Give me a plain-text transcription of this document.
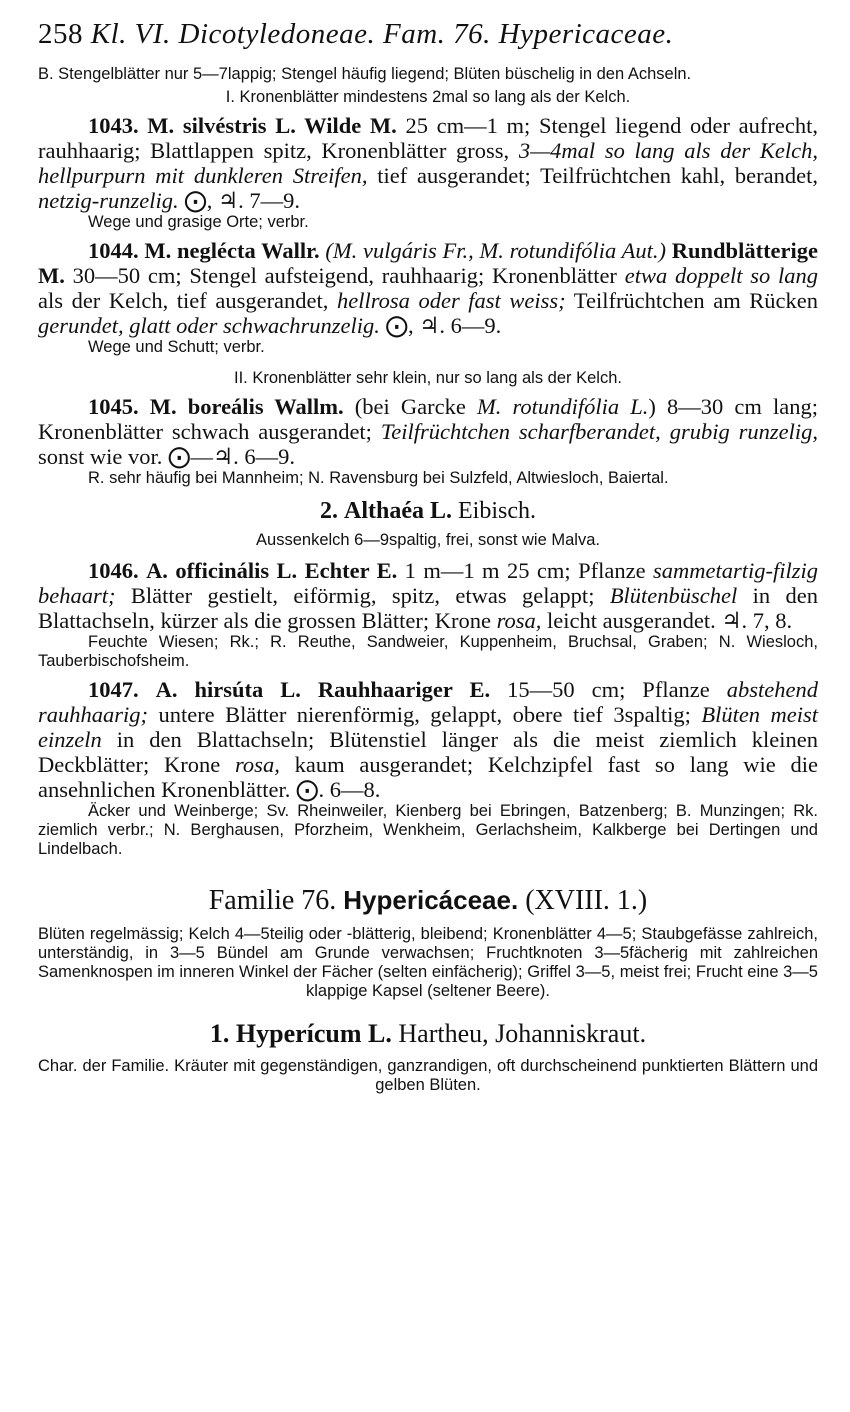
258 Kl. VI. Dicotyledoneae. Fam. 76. Hypericaceae.
B. Stengelblätter nur 5—7lappig; Stengel häufig liegend; Blüten büschelig in den Achseln.
I. Kronenblätter mindestens 2mal so lang als der Kelch.
1043. M. silvéstris L. Wilde M. 25 cm—1 m; Stengel liegend oder aufrecht, rauhhaarig; Blattlappen spitz, Kronenblätter gross, 3—4mal so lang als der Kelch, hellpurpurn mit dunkleren Streifen, tief ausgerandet; Teilfrüchtchen kahl, berandet, netzig-runzelig. ⨀, ♃. 7—9.
Wege und grasige Orte; verbr.
1044. M. neglécta Wallr. (M. vulgáris Fr., M. rotundifólia Aut.) Rundblätterige M. 30—50 cm; Stengel aufsteigend, rauhhaarig; Kronenblätter etwa doppelt so lang als der Kelch, tief ausgerandet, hellrosa oder fast weiss; Teilfrüchtchen am Rücken gerundet, glatt oder schwachrunzelig. ⨀, ♃. 6—9.
Wege und Schutt; verbr.
II. Kronenblätter sehr klein, nur so lang als der Kelch.
1045. M. boreális Wallm. (bei Garcke M. rotundifólia L.) 8—30 cm lang; Kronenblätter schwach ausgerandet; Teilfrüchtchen scharfberandet, grubig runzelig, sonst wie vor. ⨀—♃. 6—9.
R. sehr häufig bei Mannheim; N. Ravensburg bei Sulzfeld, Altwiesloch, Baiertal.
2. Althaéa L. Eibisch.
Aussenkelch 6—9spaltig, frei, sonst wie Malva.
1046. A. officinális L. Echter E. 1 m—1 m 25 cm; Pflanze sammetartig-filzig behaart; Blätter gestielt, eiförmig, spitz, etwas gelappt; Blütenbüschel in den Blattachseln, kürzer als die grossen Blätter; Krone rosa, leicht ausgerandet. ♃. 7, 8.
Feuchte Wiesen; Rk.; R. Reuthe, Sandweier, Kuppenheim, Bruchsal, Graben; N. Wiesloch, Tauberbischofsheim.
1047. A. hirsúta L. Rauhhaariger E. 15—50 cm; Pflanze abstehend rauhhaarig; untere Blätter nierenförmig, gelappt, obere tief 3spaltig; Blüten meist einzeln in den Blattachseln; Blütenstiel länger als die meist ziemlich kleinen Deckblätter; Krone rosa, kaum ausgerandet; Kelchzipfel fast so lang wie die ansehnlichen Kronenblätter. ⨀. 6—8.
Äcker und Weinberge; Sv. Rheinweiler, Kienberg bei Ebringen, Batzenberg; B. Munzingen; Rk. ziemlich verbr.; N. Berghausen, Pforzheim, Wenkheim, Gerlachsheim, Kalkberge bei Dertingen und Lindelbach.
Familie 76. Hypericáceae. (XVIII. 1.)
Blüten regelmässig; Kelch 4—5teilig oder -blätterig, bleibend; Kronenblätter 4—5; Staubgefässe zahlreich, unterständig, in 3—5 Bündel am Grunde verwachsen; Fruchtknoten 3—5fächerig mit zahlreichen Samenknospen im inneren Winkel der Fächer (selten einfächerig); Griffel 3—5, meist frei; Frucht eine 3—5 klappige Kapsel (seltener Beere).
1. Hyperícum L. Hartheu, Johanniskraut.
Char. der Familie. Kräuter mit gegenständigen, ganzrandigen, oft durchscheinend punktierten Blättern und gelben Blüten.
